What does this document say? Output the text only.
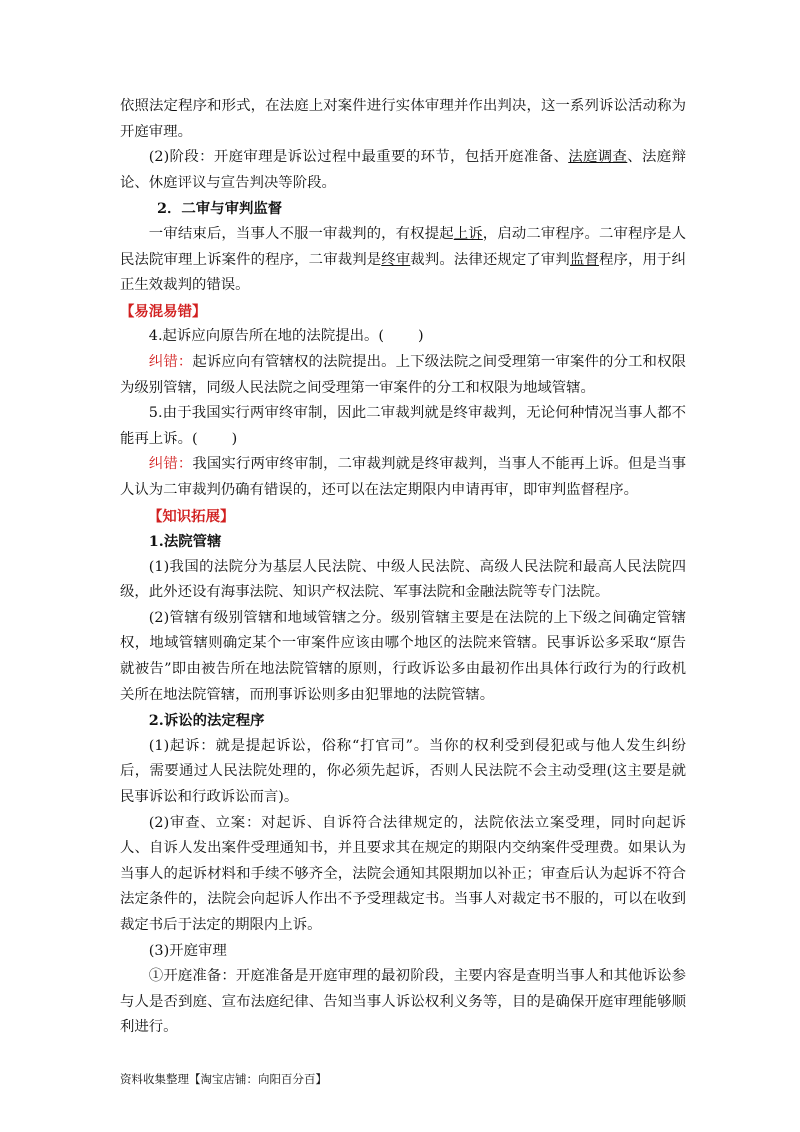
依照法定程序和形式，在法庭上对案件进行实体审理并作出判决，这一系列诉讼活动称为开庭审理。

(2)阶段：开庭审理是诉讼过程中最重要的环节，包括开庭准备、法庭调查、法庭辩论、休庭评议与宣告判决等阶段。

2．二审与审判监督

一审结束后，当事人不服一审裁判的，有权提起上诉，启动二审程序。二审程序是人民法院审理上诉案件的程序，二审裁判是终审裁判。法律还规定了审判监督程序，用于纠正生效裁判的错误。

【易混易错】

4.起诉应向原告所在地的法院提出。( )

纠错：起诉应向有管辖权的法院提出。上下级法院之间受理第一审案件的分工和权限为级别管辖，同级人民法院之间受理第一审案件的分工和权限为地域管辖。

5.由于我国实行两审终审制，因此二审裁判就是终审裁判，无论何种情况当事人都不能再上诉。( )

纠错：我国实行两审终审制，二审裁判就是终审裁判，当事人不能再上诉。但是当事人认为二审裁判仍确有错误的，还可以在法定期限内申请再审，即审判监督程序。

【知识拓展】

1.法院管辖

(1)我国的法院分为基层人民法院、中级人民法院、高级人民法院和最高人民法院四级，此外还设有海事法院、知识产权法院、军事法院和金融法院等专门法院。

(2)管辖有级别管辖和地域管辖之分。级别管辖主要是在法院的上下级之间确定管辖权，地域管辖则确定某个一审案件应该由哪个地区的法院来管辖。民事诉讼多采取“原告就被告”即由被告所在地法院管辖的原则，行政诉讼多由最初作出具体行政行为的行政机关所在地法院管辖，而刑事诉讼则多由犯罪地的法院管辖。

2.诉讼的法定程序

(1)起诉：就是提起诉讼，俗称“打官司”。当你的权利受到侵犯或与他人发生纠纷后，需要通过人民法院处理的，你必须先起诉，否则人民法院不会主动受理(这主要是就民事诉讼和行政诉讼而言)。

(2)审查、立案：对起诉、自诉符合法律规定的，法院依法立案受理，同时向起诉人、自诉人发出案件受理通知书，并且要求其在规定的期限内交纳案件受理费。如果认为当事人的起诉材料和手续不够齐全，法院会通知其限期加以补正；审查后认为起诉不符合法定条件的，法院会向起诉人作出不予受理裁定书。当事人对裁定书不服的，可以在收到裁定书后于法定的期限内上诉。

(3)开庭审理

①开庭准备：开庭准备是开庭审理的最初阶段，主要内容是查明当事人和其他诉讼参与人是否到庭、宣布法庭纪律、告知当事人诉讼权利义务等，目的是确保开庭审理能够顺利进行。

资料收集整理【淘宝店铺：向阳百分百】
